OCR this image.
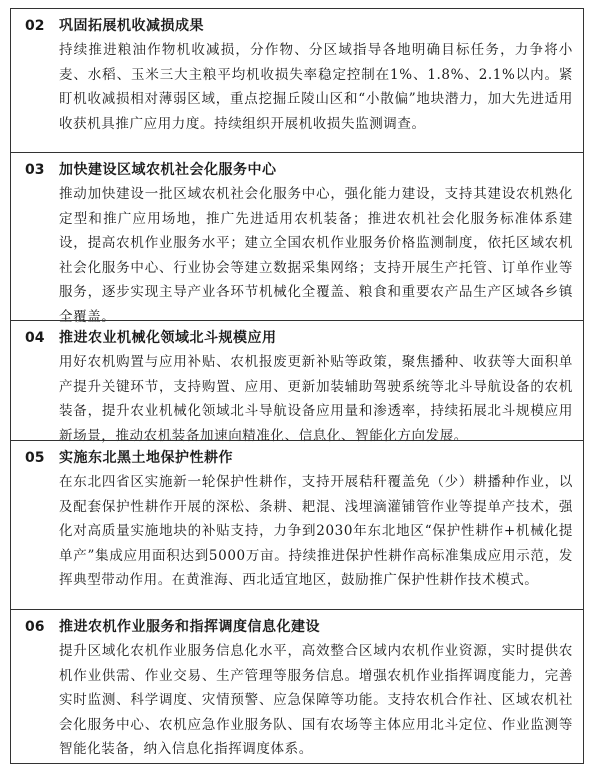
02	巩固拓展机收减损成果

持续推进粮油作物机收减损，分作物、分区域指导各地明确目标任务，力争将小麦、水稻、玉米三大主粮平均机收损失率稳定控制在1%、1.8%、2.1%以内。紧盯机收减损相对薄弱区域，重点挖掘丘陵山区和“小散偏”地块潜力，加大先进适用收获机具推广应用力度。持续组织开展机收损失监测调查。

03	加快建设区域农机社会化服务中心

推动加快建设一批区域农机社会化服务中心，强化能力建设，支持其建设农机熟化定型和推广应用场地，推广先进适用农机装备；推进农机社会化服务标准体系建设，提高农机作业服务水平；建立全国农机作业服务价格监测制度，依托区域农机社会化服务中心、行业协会等建立数据采集网络；支持开展生产托管、订单作业等服务，逐步实现主导产业各环节机械化全覆盖、粮食和重要农产品生产区域各乡镇全覆盖。

04	推进农业机械化领域北斗规模应用

用好农机购置与应用补贴、农机报废更新补贴等政策，聚焦播种、收获等大面积单产提升关键环节，支持购置、应用、更新加装辅助驾驶系统等北斗导航设备的农机装备，提升农业机械化领域北斗导航设备应用量和渗透率，持续拓展北斗规模应用新场景，推动农机装备加速向精准化、信息化、智能化方向发展。

05	实施东北黑土地保护性耕作

在东北四省区实施新一轮保护性耕作，支持开展秸秆覆盖免（少）耕播种作业，以及配套保护性耕作开展的深松、条耕、耙混、浅埋滴灌铺管作业等提单产技术，强化对高质量实施地块的补贴支持，力争到2030年东北地区“保护性耕作+机械化提单产”集成应用面积达到5000万亩。持续推进保护性耕作高标准集成应用示范，发挥典型带动作用。在黄淮海、西北适宜地区，鼓励推广保护性耕作技术模式。

06	推进农机作业服务和指挥调度信息化建设

提升区域化农机作业服务信息化水平，高效整合区域内农机作业资源，实时提供农机作业供需、作业交易、生产管理等服务信息。增强农机作业指挥调度能力，完善实时监测、科学调度、灾情预警、应急保障等功能。支持农机合作社、区域农机社会化服务中心、农机应急作业服务队、国有农场等主体应用北斗定位、作业监测等智能化装备，纳入信息化指挥调度体系。
